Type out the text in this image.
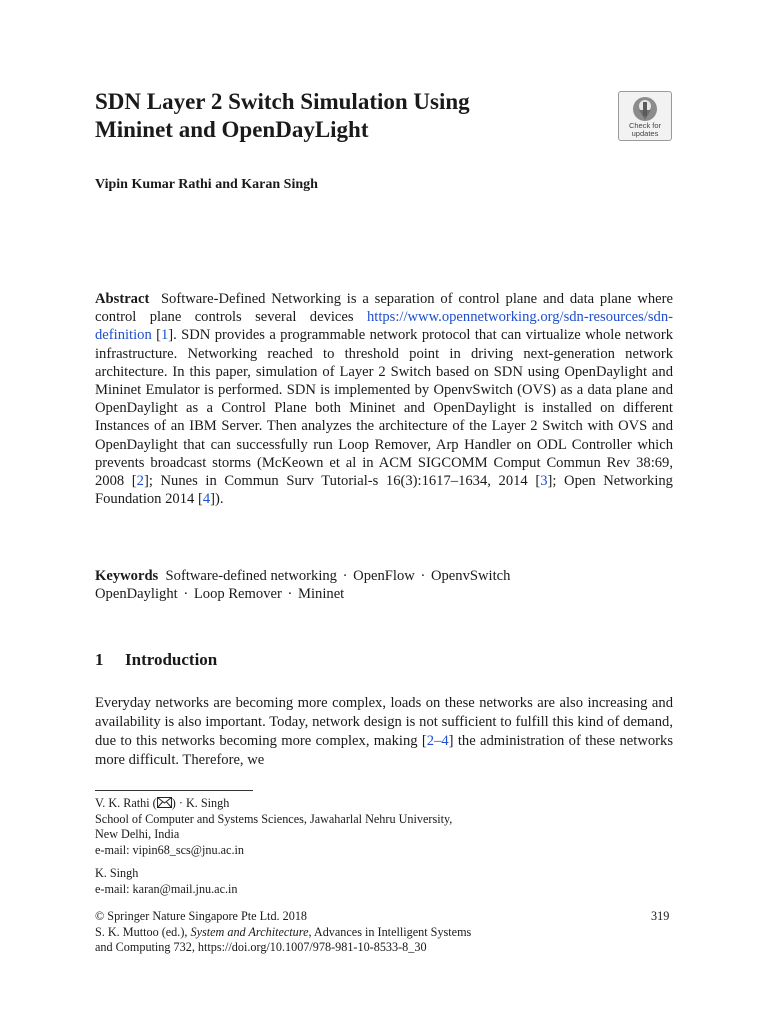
SDN Layer 2 Switch Simulation Using
Mininet and OpenDayLight	Check for
updates

Vipin Kumar Rathi and Karan Singh

Abstract Software-Defined Networking is a separation of control plane and data plane where control plane controls several devices https://www.opennetworking.org/sdn-resources/sdn-definition [1]. SDN provides a programmable network protocol that can virtualize whole network infrastructure. Networking reached to threshold point in driving next-generation network architecture. In this paper, simulation of Layer 2 Switch based on SDN using OpenDaylight and Mininet Emulator is performed. SDN is implemented by OpenvSwitch (OVS) as a data plane and OpenDaylight as a Control Plane both Mininet and OpenDaylight is installed on different Instances of an IBM Server. Then analyzes the architecture of the Layer 2 Switch with OVS and OpenDaylight that can successfully run Loop Remover, Arp Handler on ODL Controller which prevents broadcast storms (McKeown et al in ACM SIGCOMM Comput Commun Rev 38:69, 2008 [2]; Nunes in Commun Surv Tutorial-s 16(3):1617–1634, 2014 [3]; Open Networking Foundation 2014 [4]).

Keywords Software-defined networking · OpenFlow · OpenvSwitch
OpenDaylight · Loop Remover · Mininet

1 Introduction

Everyday networks are becoming more complex, loads on these networks are also increasing and availability is also important. Today, network design is not sufficient to fulfill this kind of demand, due to this networks becoming more complex, making [2–4] the administration of these networks more difficult. Therefore, we

V. K. Rathi ( ) · K. Singh
School of Computer and Systems Sciences, Jawaharlal Nehru University,
New Delhi, India
e-mail: vipin68_scs@jnu.ac.in
K. Singh
e-mail: karan@mail.jnu.ac.in
© Springer Nature Singapore Pte Ltd. 2018
S. K. Muttoo (ed.), System and Architecture, Advances in Intelligent Systems
and Computing 732, https://doi.org/10.1007/978-981-10-8533-8_30
319
